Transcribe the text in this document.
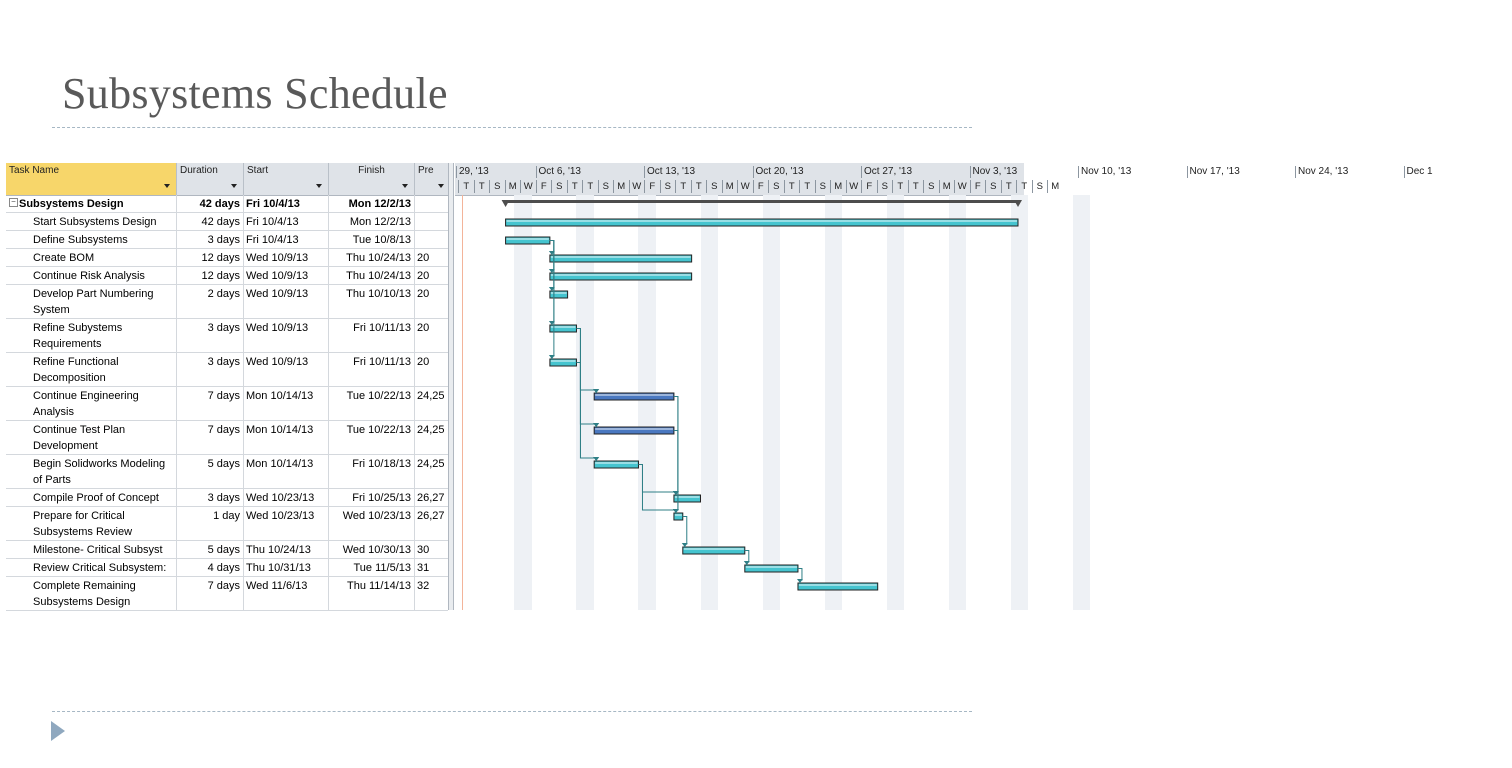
Subsystems Schedule
Task Name	Duration	Start	Finish	Pre
Subsystems Design	42 days Fri 10/4/13	Mon 12/2/13
−
Start Subsystems Design	42 days Fri 10/4/13	Mon 12/2/13
Define Subsystems	3 days Fri 10/4/13	Tue 10/8/13
Create BOM	12 days Wed 10/9/13	Thu 10/24/13 20
Continue Risk Analysis	12 days Wed 10/9/13	Thu 10/24/13 20
Develop Part Numbering System
2 days Wed 10/9/13	Thu 10/10/13 20
Refine Subystems Requirements
3 days Wed 10/9/13	Fri 10/11/13 20
Refine Functional Decomposition
3 days Wed 10/9/13	Fri 10/11/13 20
Continue Engineering Analysis
7 days Mon 10/14/13	Tue 10/22/13 24,25
Continue Test Plan Development
7 days Mon 10/14/13	Tue 10/22/13 24,25
Begin Solidworks Modeling of Parts
5 days Mon 10/14/13	Fri 10/18/13 24,25
Compile Proof of Concept	3 days Wed 10/23/13	Fri 10/25/13 26,27
Prepare for Critical Subsystems Review
1 day Wed 10/23/13	Wed 10/23/13 26,27
Milestone- Critical Subsyst	5 days Thu 10/24/13	Wed 10/30/13 30
Review Critical Subsystem:	4 days Thu 10/31/13	Tue 11/5/13 31
Complete Remaining Subsystems Design
7 days Wed 11/6/13	Thu 11/14/13 32
29, '13	Oct 6, '13	Oct 13, '13	Oct 20, '13	Oct 27, '13	Nov 3, '13	Nov 10, '13	Nov 17, '13	Nov 24, '13	Dec 1
T	T S M W F S T	T S M W F S T	T S M W F S T	T S M W F S T	T S M W F S T	T S M
